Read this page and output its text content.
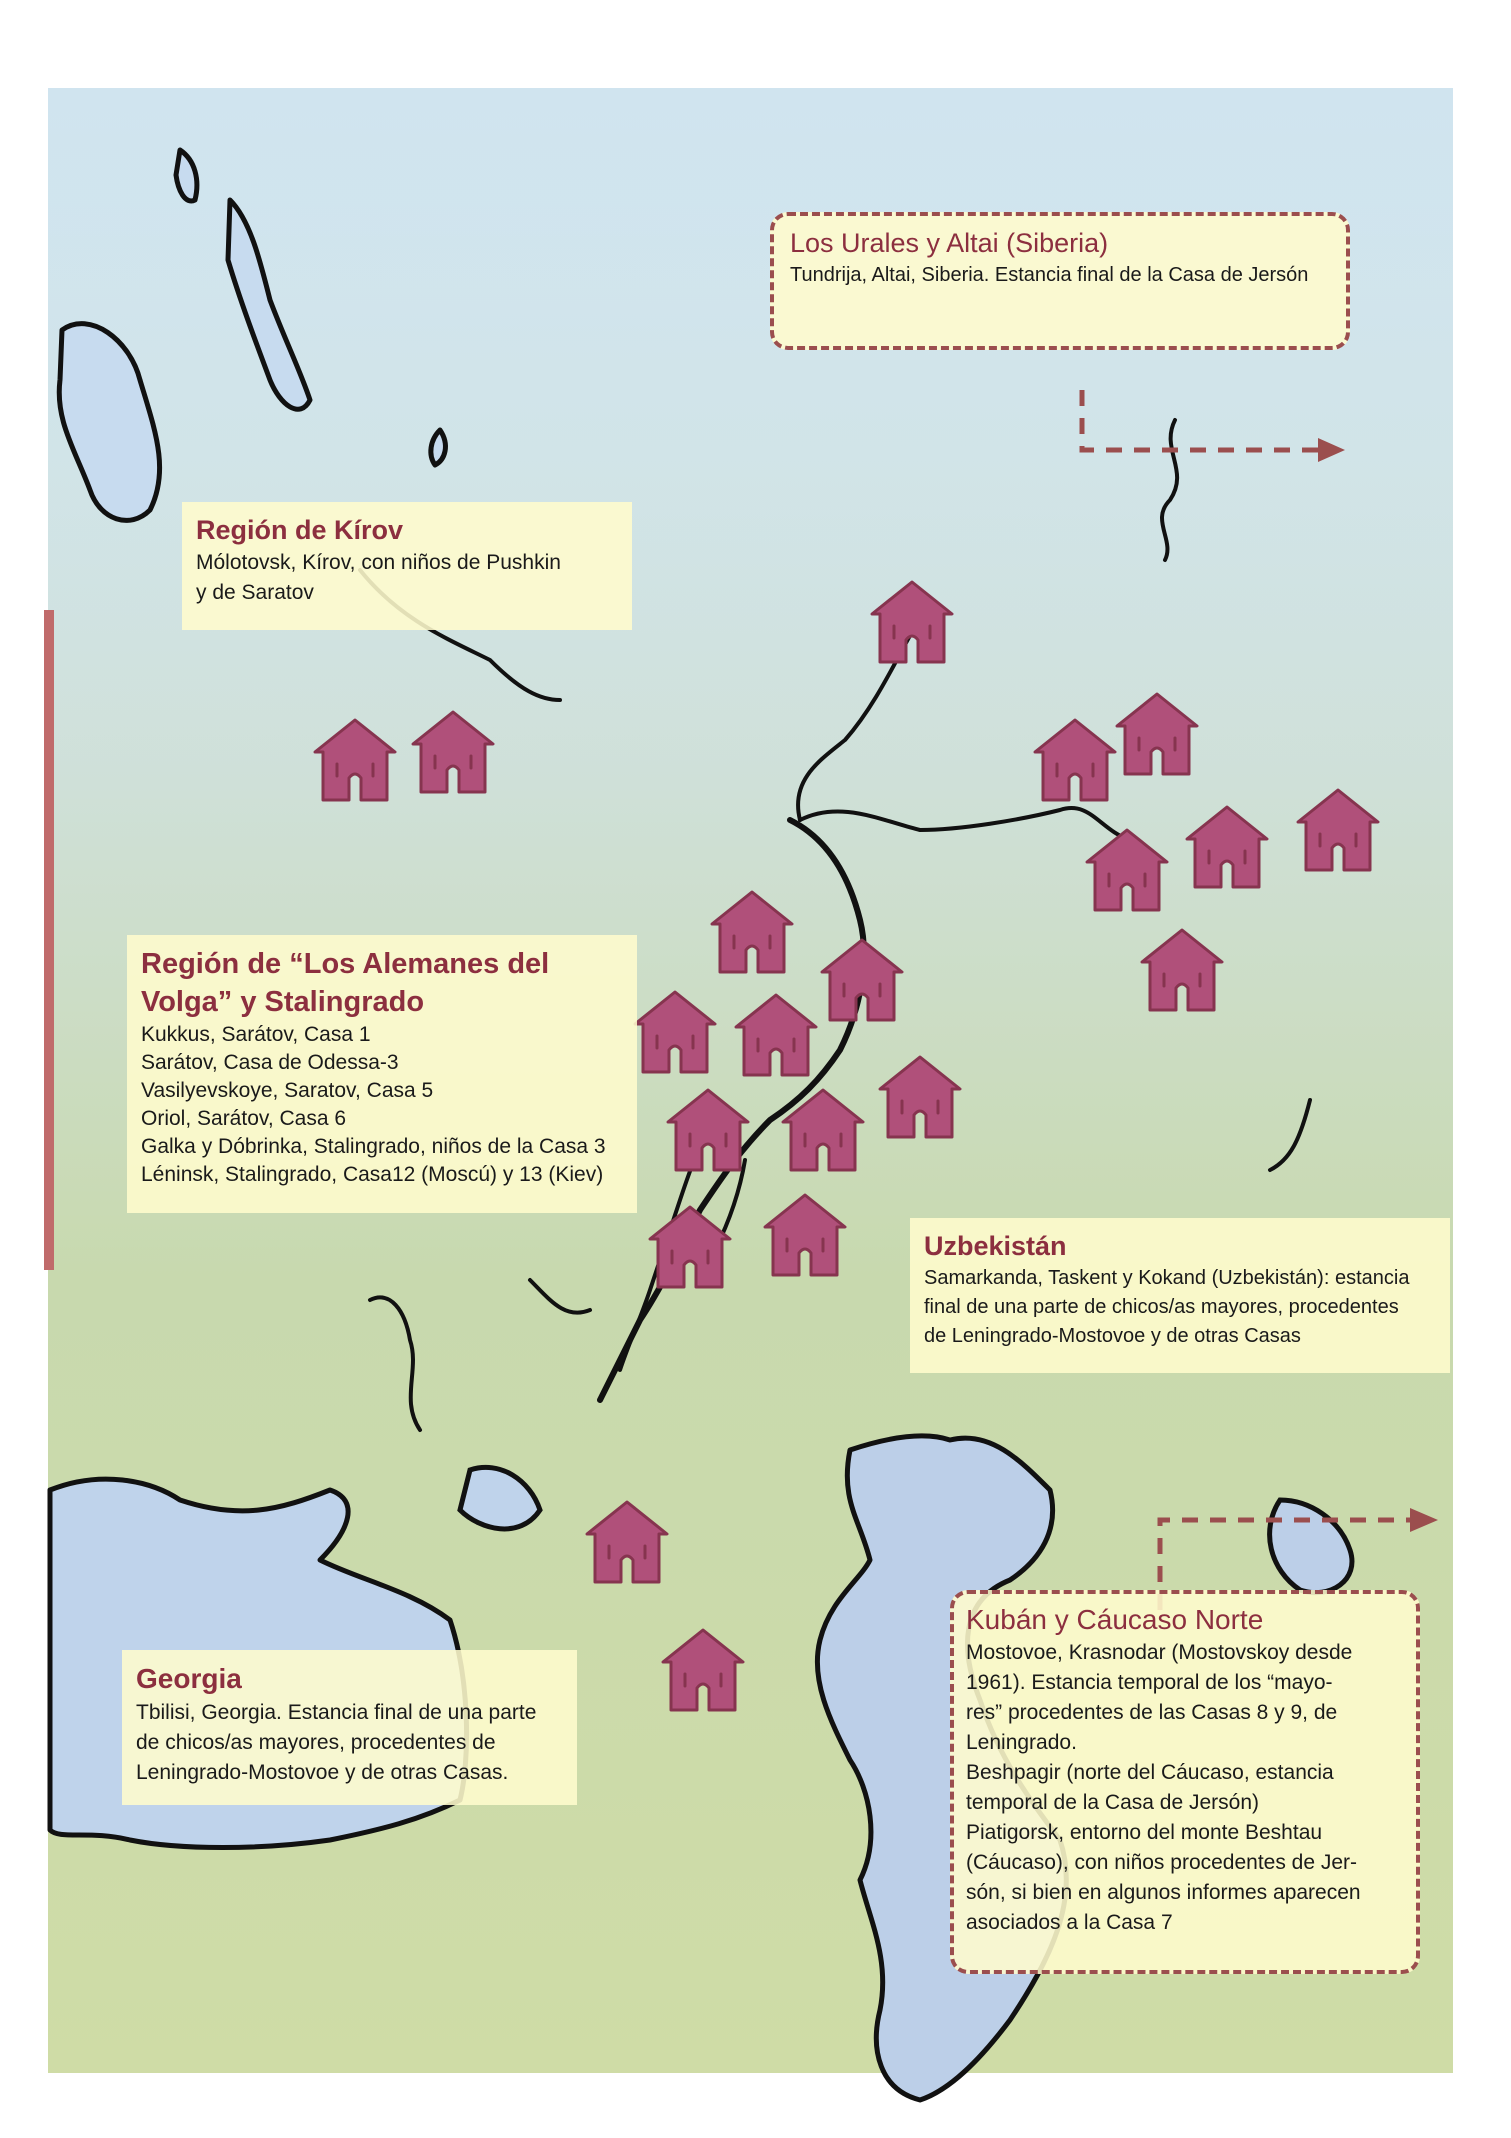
Los Urales y Altai (Siberia)
Tundrija, Altai, Siberia. Estancia final de la Casa de Jersón
Región de Kírov
Mólotovsk, Kírov, con niños de Pushkin
y de Saratov
Región de “Los Alemanes del
Volga” y Stalingrado
Kukkus, Sarátov, Casa 1
Sarátov, Casa de Odessa-3
Vasilyevskoye, Saratov, Casa 5
Oriol, Sarátov, Casa 6
Galka y Dóbrinka, Stalingrado, niños de la Casa 3
Léninsk, Stalingrado, Casa12 (Moscú) y 13 (Kiev)
Uzbekistán
Samarkanda, Taskent y Kokand (Uzbekistán): estancia
final de una parte de chicos/as mayores, procedentes
de Leningrado-Mostovoe y de otras Casas
Georgia
Tbilisi, Georgia. Estancia final de una parte
de chicos/as mayores, procedentes de
Leningrado-Mostovoe y de otras Casas.
Kubán y Cáucaso Norte
Mostovoe, Krasnodar (Mostovskoy desde
1961). Estancia temporal de los “mayo-
res” procedentes de las Casas 8 y 9, de
Leningrado.
Beshpagir (norte del Cáucaso, estancia
temporal de la Casa de Jersón)
Piatigorsk, entorno del monte Beshtau
(Cáucaso), con niños procedentes de Jer-
són, si bien en algunos informes aparecen
asociados a la Casa 7
